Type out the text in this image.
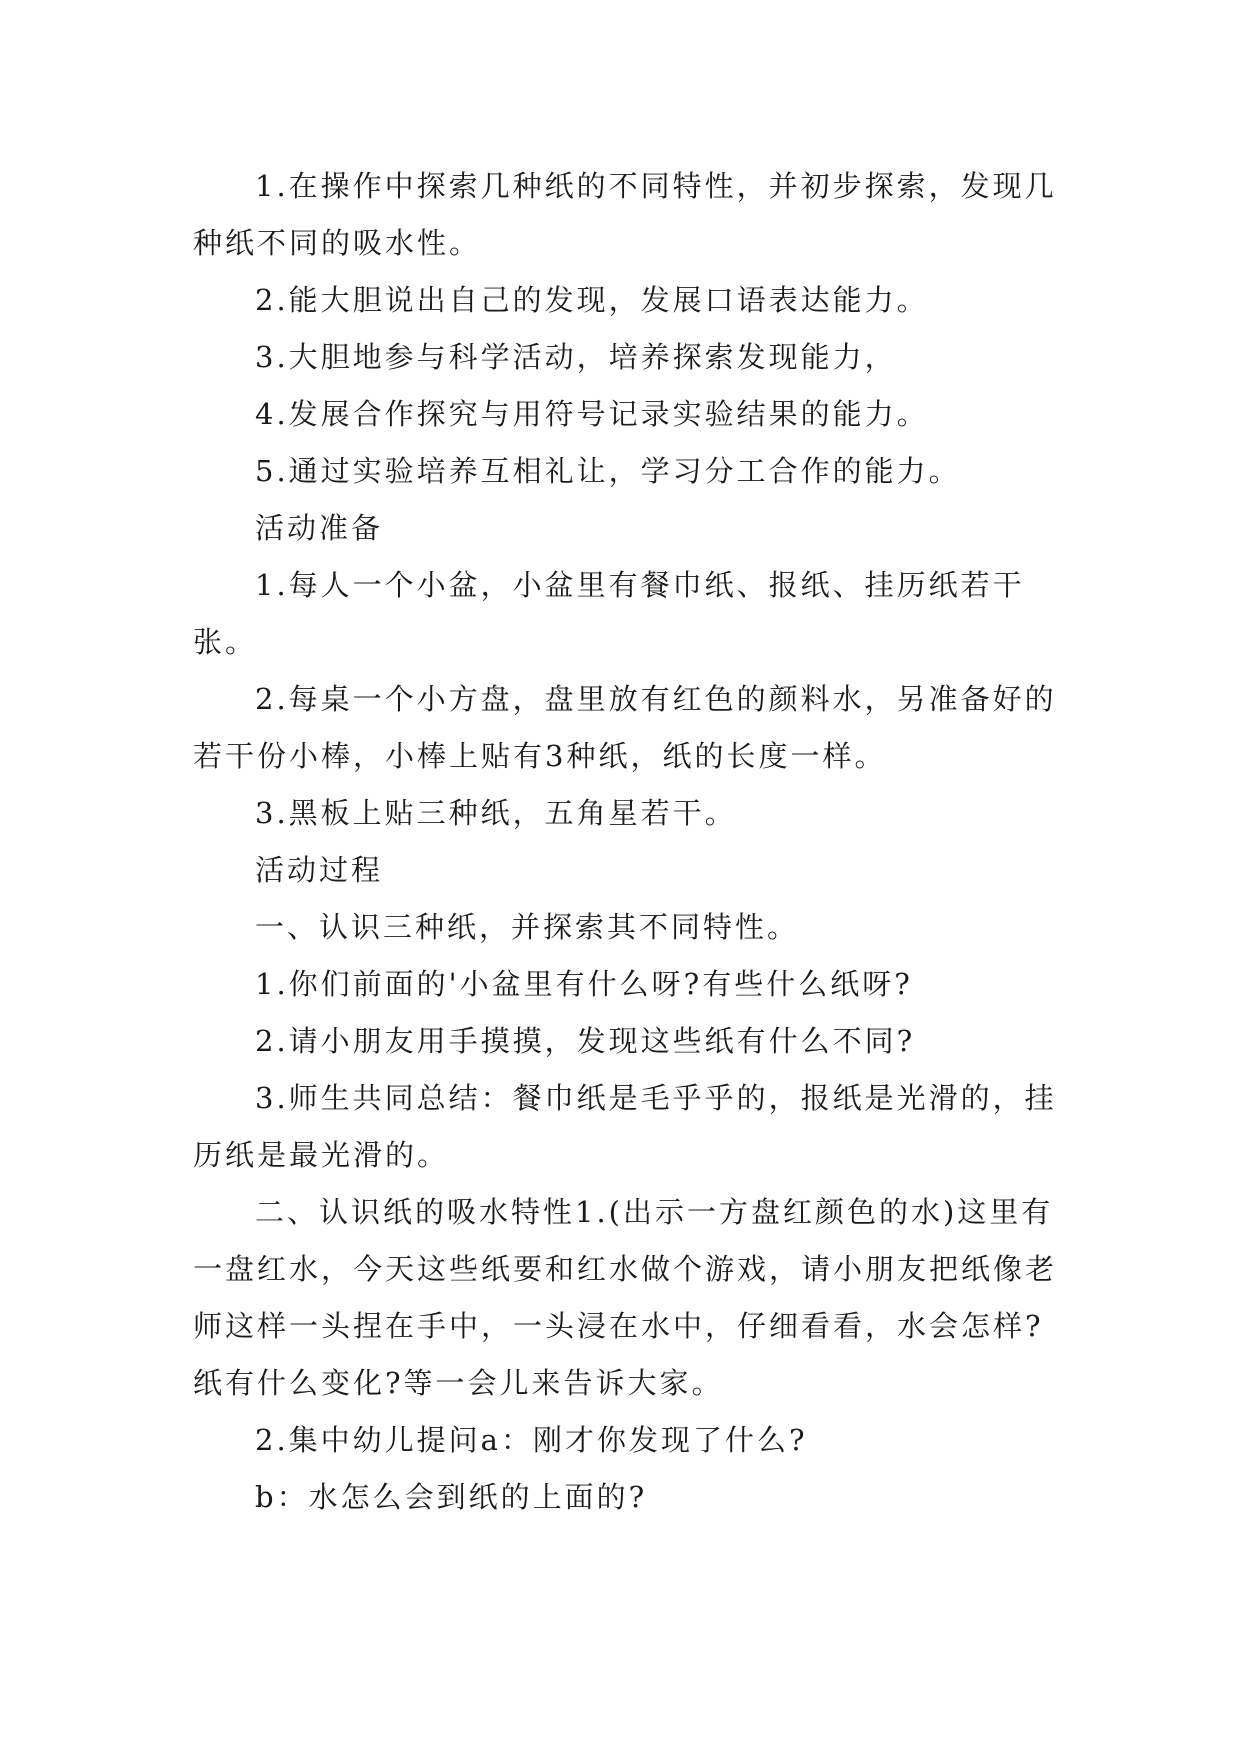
1.在操作中探索几种纸的不同特性，并初步探索，发现几种纸不同的吸水性。

2.能大胆说出自己的发现，发展口语表达能力。

3.大胆地参与科学活动，培养探索发现能力，

4.发展合作探究与用符号记录实验结果的能力。

5.通过实验培养互相礼让，学习分工合作的能力。

活动准备

1.每人一个小盆，小盆里有餐巾纸、报纸、挂历纸若干张。

2.每桌一个小方盘，盘里放有红色的颜料水，另准备好的若干份小棒，小棒上贴有3种纸，纸的长度一样。

3.黑板上贴三种纸，五角星若干。

活动过程

一、认识三种纸，并探索其不同特性。

1.你们前面的'小盆里有什么呀?有些什么纸呀?

2.请小朋友用手摸摸，发现这些纸有什么不同?

3.师生共同总结：餐巾纸是毛乎乎的，报纸是光滑的，挂历纸是最光滑的。

二、认识纸的吸水特性1.(出示一方盘红颜色的水)这里有一盘红水，今天这些纸要和红水做个游戏，请小朋友把纸像老师这样一头捏在手中，一头浸在水中，仔细看看，水会怎样?纸有什么变化?等一会儿来告诉大家。

2.集中幼儿提问a：刚才你发现了什么?

b：水怎么会到纸的上面的?
